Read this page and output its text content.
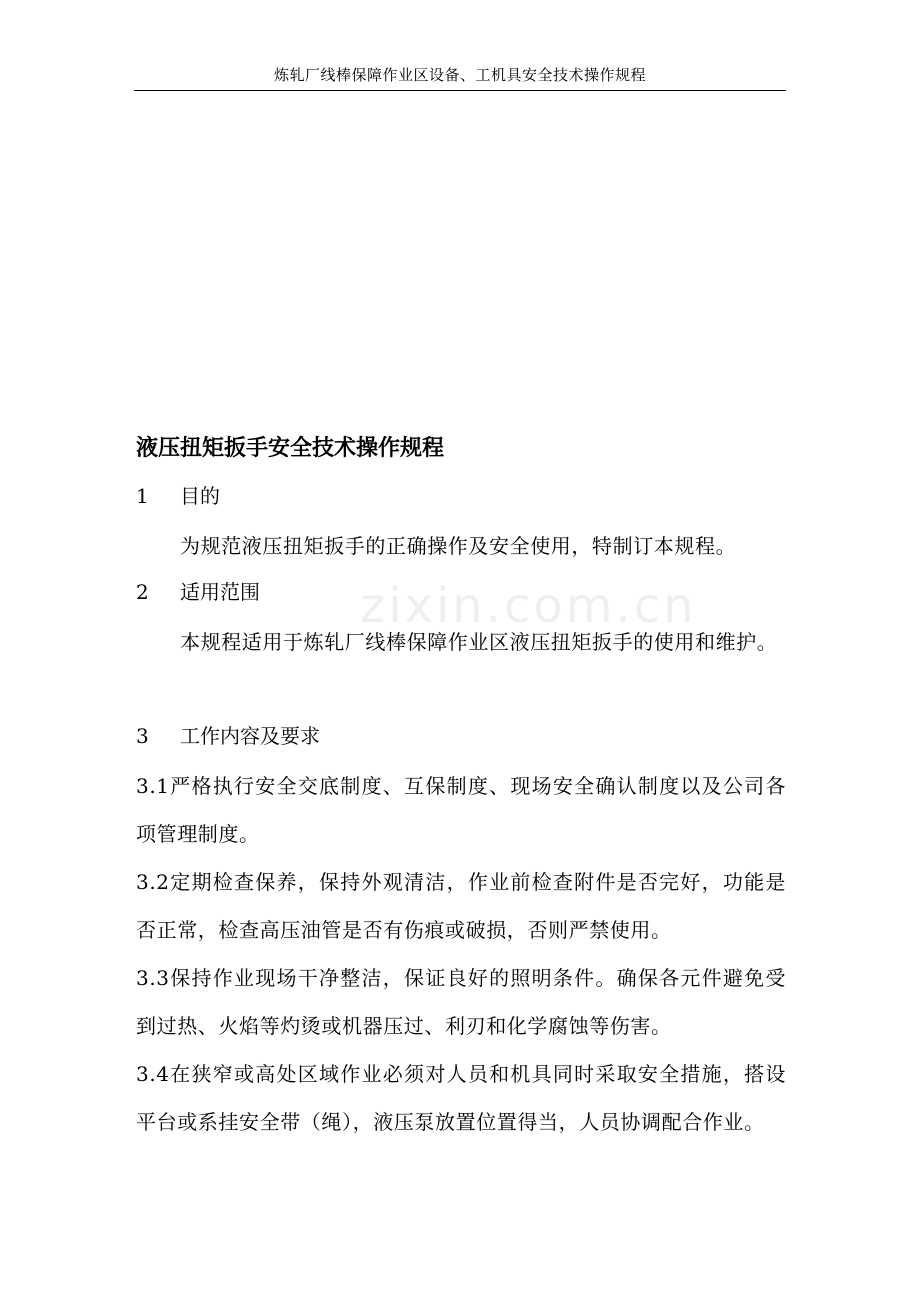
炼轧厂线棒保障作业区设备、工机具安全技术操作规程
zixin.com.cn
液压扭矩扳手安全技术操作规程
1 目的
为规范液压扭矩扳手的正确操作及安全使用，特制订本规程。
2 适用范围
本规程适用于炼轧厂线棒保障作业区液压扭矩扳手的使用和维护。
3 工作内容及要求
3.1严格执行安全交底制度、互保制度、现场安全确认制度以及公司各项管理制度。
3.2定期检查保养，保持外观清洁，作业前检查附件是否完好，功能是否正常，检查高压油管是否有伤痕或破损，否则严禁使用。
3.3保持作业现场干净整洁，保证良好的照明条件。确保各元件避免受到过热、火焰等灼烫或机器压过、利刃和化学腐蚀等伤害。
3.4在狭窄或高处区域作业必须对人员和机具同时采取安全措施，搭设平台或系挂安全带（绳），液压泵放置位置得当，人员协调配合作业。
